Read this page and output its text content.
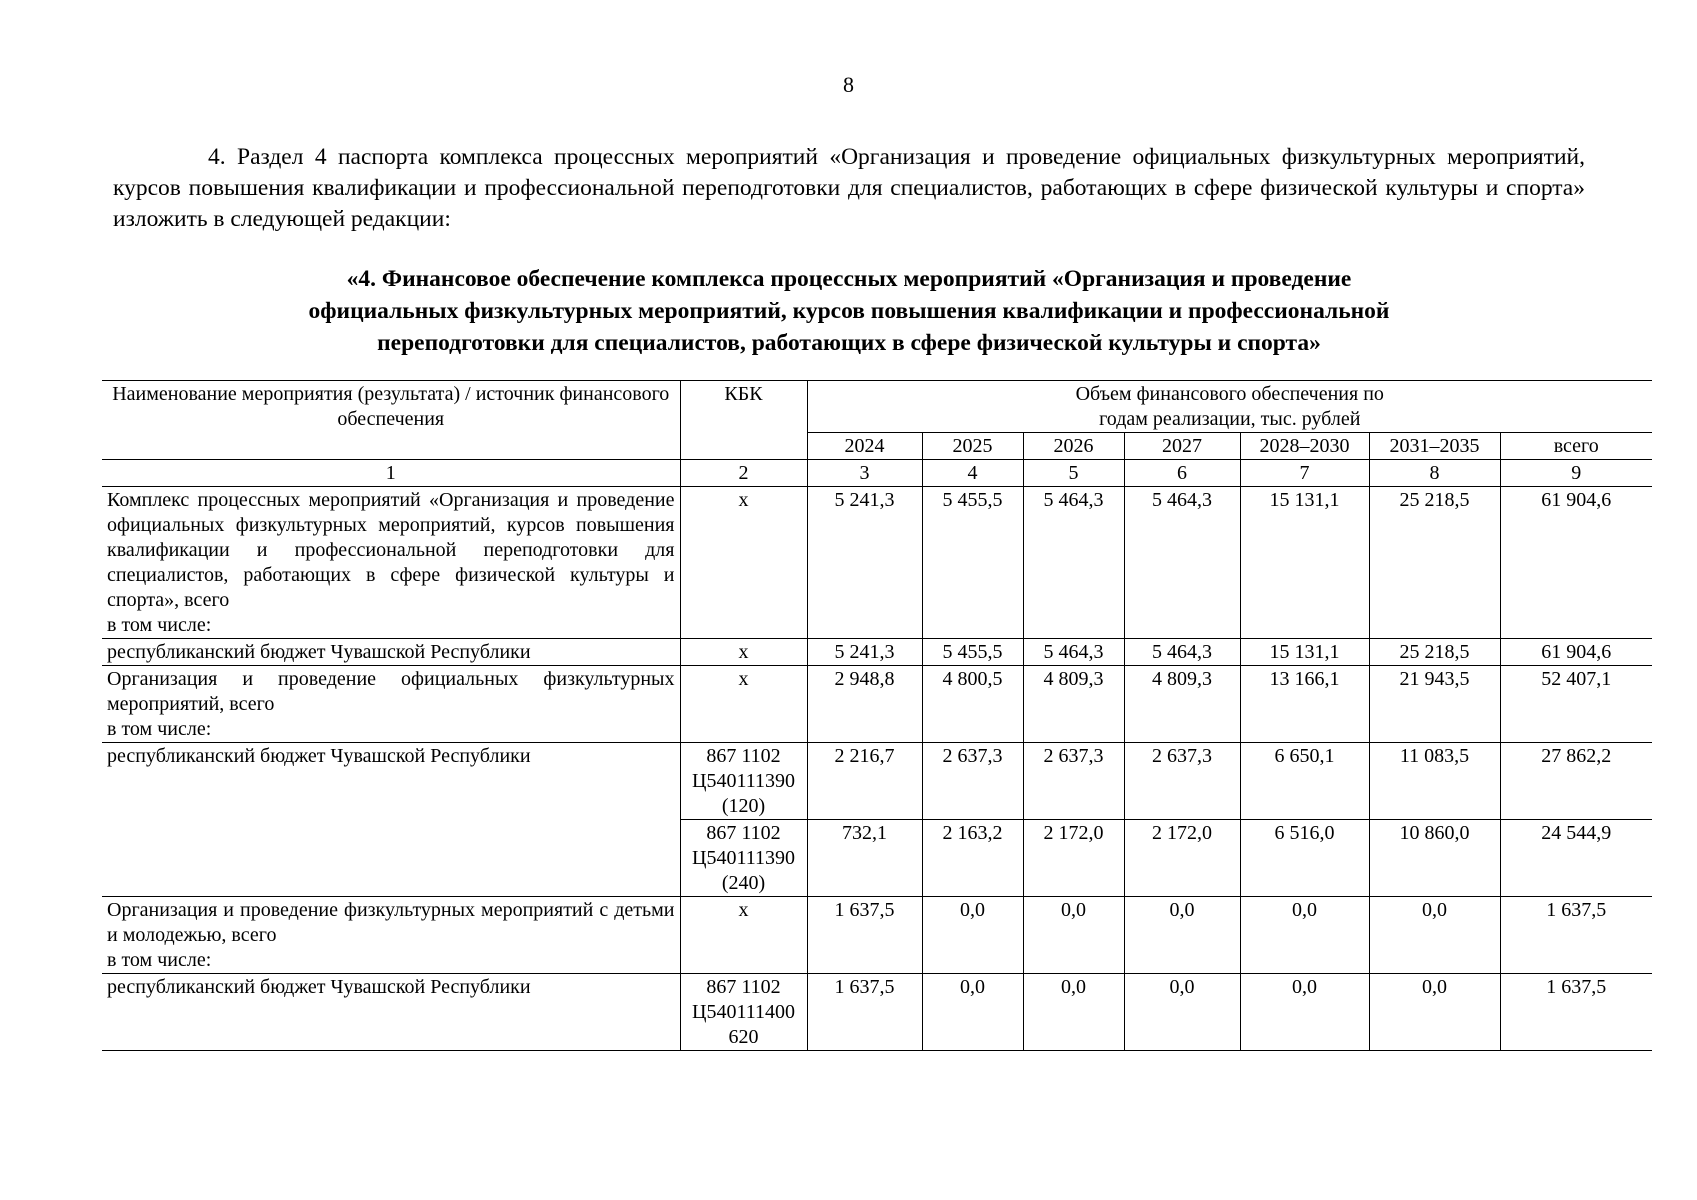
8

4. Раздел 4 паспорта комплекса процессных мероприятий «Организация и проведение официальных физкультурных мероприятий, курсов повышения квалификации и профессиональной переподготовки для специалистов, работающих в сфере физической культуры и спорта» изложить в следующей редакции:

«4. Финансовое обеспечение комплекса процессных мероприятий «Организация и проведение
официальных физкультурных мероприятий, курсов повышения квалификации и профессиональной
переподготовки для специалистов, работающих в сфере физической культуры и спорта»
Наименование мероприятия (результата) / источник финансового обеспечения	КБК	Объем финансового обеспечения по годам реализации, тыс. рублей						
		2024	2025	2026	2027	2028–2030	2031–2035	всего
1	2	3	4	5	6	7	8	9

Комплекс процессных мероприятий «Организация и проведение официальных физкультурных мероприятий, курсов повышения квалификации и профессиональной переподготовки для специалистов, работающих в сфере физической культуры и спорта», всего
в том числе:	x	5 241,3	5 455,5	5 464,3	5 464,3	15 131,1	25 218,5	61 904,6
республиканский бюджет Чувашской Республики	x	5 241,3	5 455,5	5 464,3	5 464,3	15 131,1	25 218,5	61 904,6

Организация и проведение официальных физкультурных мероприятий, всего
в том числе:	x	2 948,8	4 800,5	4 809,3	4 809,3	13 166,1	21 943,5	52 407,1
республиканский бюджет Чувашской Республики	867 1102
Ц540111390
(120)	2 216,7	2 637,3	2 637,3	2 637,3	6 650,1	11 083,5	27 862,2

	867 1102
Ц540111390
(240)	732,1	2 163,2	2 172,0	2 172,0	6 516,0	10 860,0	24 544,9

Организация и проведение физкультурных мероприятий с детьми и молодежью, всего
в том числе:	x	1 637,5	0,0	0,0	0,0	0,0	0,0	1 637,5
республиканский бюджет Чувашской Республики	867 1102
Ц540111400
620	1 637,5	0,0	0,0	0,0	0,0	0,0	1 637,5
